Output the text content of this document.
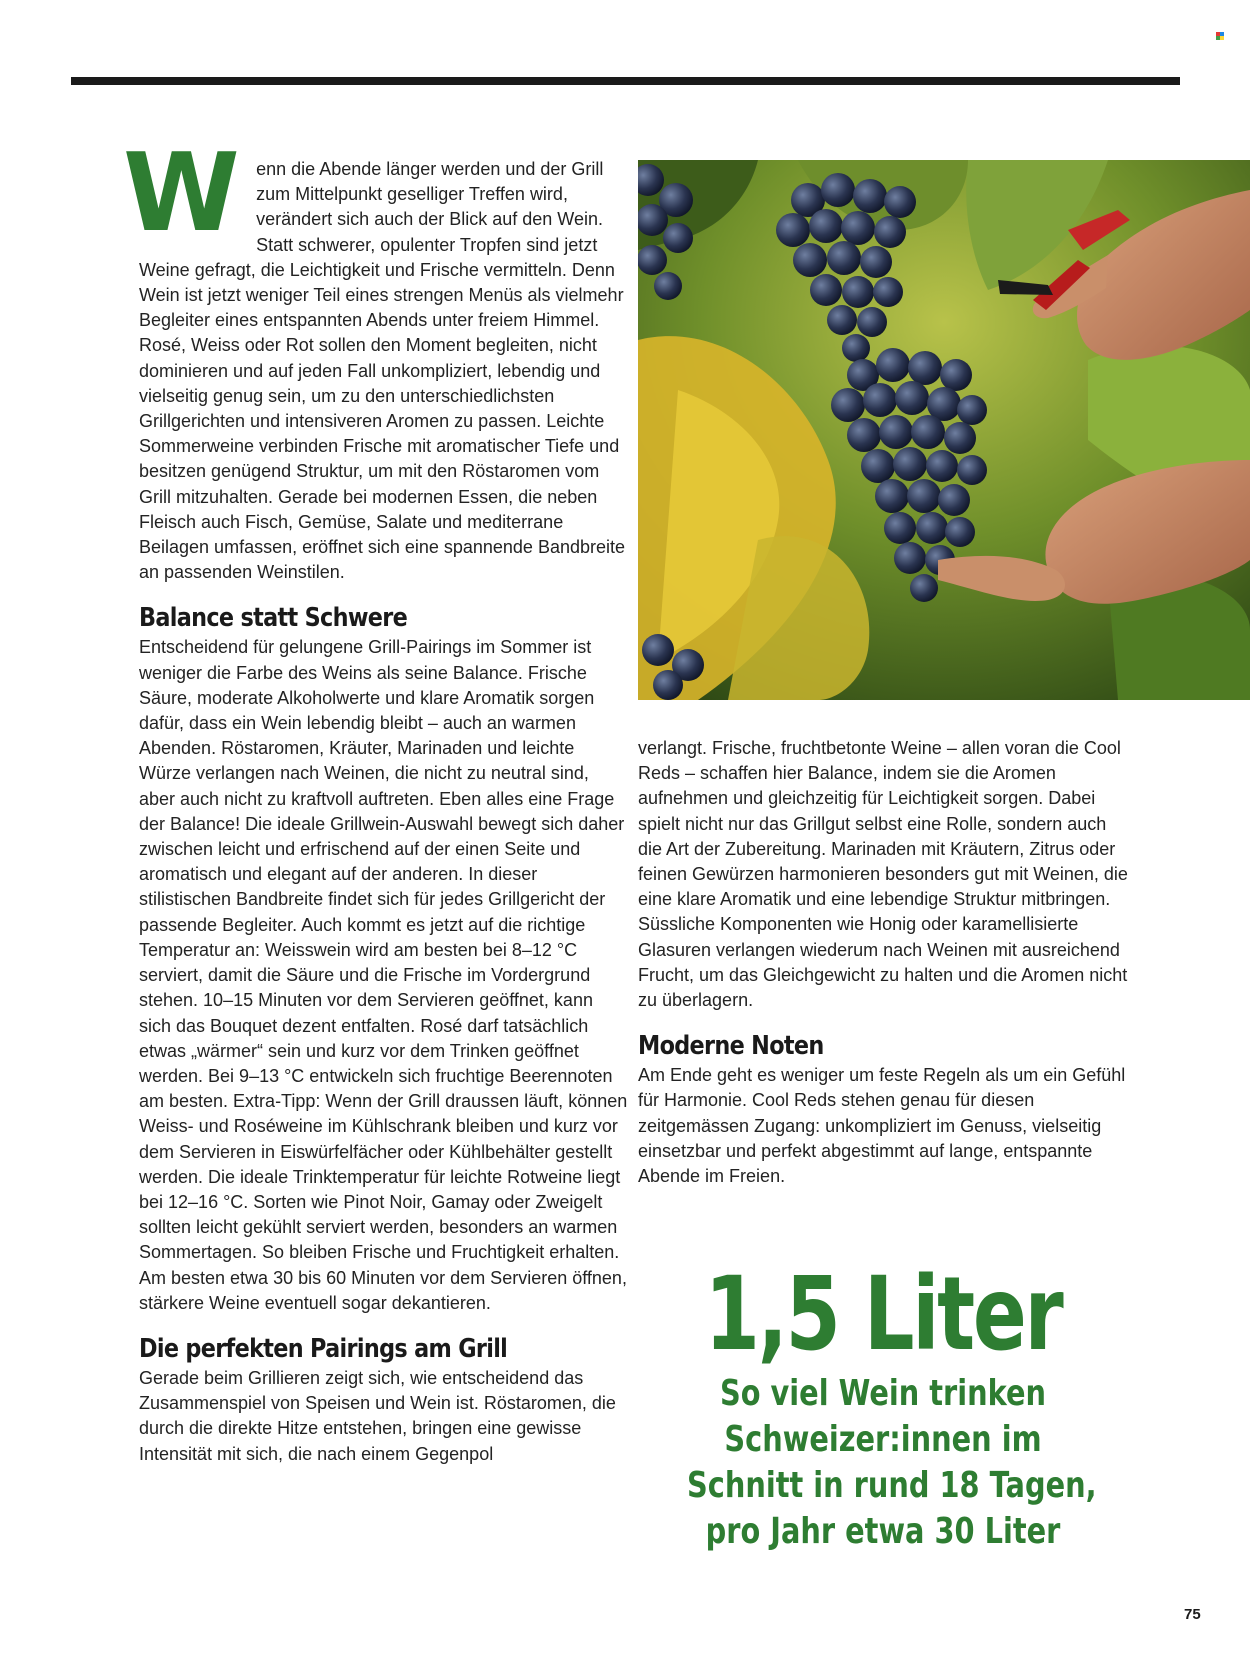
W enn die Abende länger werden und der Grill zum Mittelpunkt geselliger Treffen wird, verändert sich auch der Blick auf den Wein. Statt schwerer, opulenter Tropfen sind jetzt Weine gefragt, die Leichtigkeit und Frische vermitteln. Denn Wein ist jetzt weniger Teil eines strengen Menüs als vielmehr Begleiter eines entspannten Abends unter freiem Himmel. Rosé, Weiss oder Rot sollen den Moment begleiten, nicht dominieren und auf jeden Fall unkompliziert, lebendig und vielseitig genug sein, um zu den unterschiedlichsten Grillgerichten und intensiveren Aromen zu passen. Leichte Sommerweine verbinden Frische mit aromatischer Tiefe und besitzen genügend Struktur, um mit den Röstaromen vom Grill mitzuhalten. Gerade bei modernen Essen, die neben Fleisch auch Fisch, Gemüse, Salate und mediterrane Beilagen umfassen, eröffnet sich eine spannende Bandbreite an passenden Weinstilen.

Balance statt Schwere

Entscheidend für gelungene Grill-Pairings im Sommer ist weniger die Farbe des Weins als seine Balance. Frische Säure, moderate Alkoholwerte und klare Aromatik sorgen dafür, dass ein Wein lebendig bleibt – auch an warmen Abenden. Röstaromen, Kräuter, Marinaden und leichte Würze verlangen nach Weinen, die nicht zu neutral sind, aber auch nicht zu kraftvoll auftreten. Eben alles eine Frage der Balance! Die ideale Grillwein-Auswahl bewegt sich daher zwischen leicht und erfrischend auf der einen Seite und aromatisch und elegant auf der anderen. In dieser stilistischen Bandbreite findet sich für jedes Grillgericht der passende Begleiter. Auch kommt es jetzt auf die richtige Temperatur an: Weisswein wird am besten bei 8–12 °C serviert, damit die Säure und die Frische im Vordergrund stehen. 10–15 Minuten vor dem Servieren geöffnet, kann sich das Bouquet dezent entfalten. Rosé darf tatsächlich etwas „wärmer“ sein und kurz vor dem Trinken geöffnet werden. Bei 9–13 °C entwickeln sich fruchtige Beerennoten am besten. Extra-Tipp: Wenn der Grill draussen läuft, können Weiss- und Roséweine im Kühlschrank bleiben und kurz vor dem Servieren in Eiswürfelfächer oder Kühlbehälter gestellt werden. Die ideale Trinktemperatur für leichte Rotweine liegt bei 12–16 °C. Sorten wie Pinot Noir, Gamay oder Zweigelt sollten leicht gekühlt serviert werden, besonders an warmen Sommertagen. So bleiben Frische und Fruchtigkeit erhalten. Am besten etwa 30 bis 60 Minuten vor dem Servieren öffnen, stärkere Weine eventuell sogar dekantieren.

Die perfekten Pairings am Grill

Gerade beim Grillieren zeigt sich, wie entscheidend das Zusammenspiel von Speisen und Wein ist. Röstaromen, die durch die direkte Hitze entstehen, bringen eine gewisse Intensität mit sich, die nach einem Gegenpol

verlangt. Frische, fruchtbetonte Weine – allen voran die Cool Reds – schaffen hier Balance, indem sie die Aromen aufnehmen und gleichzeitig für Leichtigkeit sorgen. Dabei spielt nicht nur das Grillgut selbst eine Rolle, sondern auch die Art der Zubereitung. Marinaden mit Kräutern, Zitrus oder feinen Gewürzen harmonieren besonders gut mit Weinen, die eine klare Aromatik und eine lebendige Struktur mitbringen. Süssliche Komponenten wie Honig oder karamellisierte Glasuren verlangen wiederum nach Weinen mit ausreichend Frucht, um das Gleichgewicht zu halten und die Aromen nicht zu überlagern.

Moderne Noten

Am Ende geht es weniger um feste Regeln als um ein Gefühl für Harmonie. Cool Reds stehen genau für diesen zeitgemässen Zugang: unkompliziert im Genuss, vielseitig einsetzbar und perfekt abgestimmt auf lange, entspannte Abende im Freien.

1,5 Liter
So viel Wein trinken
Schweizer:innen im
Schnitt in rund 18 Tagen,
pro Jahr etwa 30 Liter
75
